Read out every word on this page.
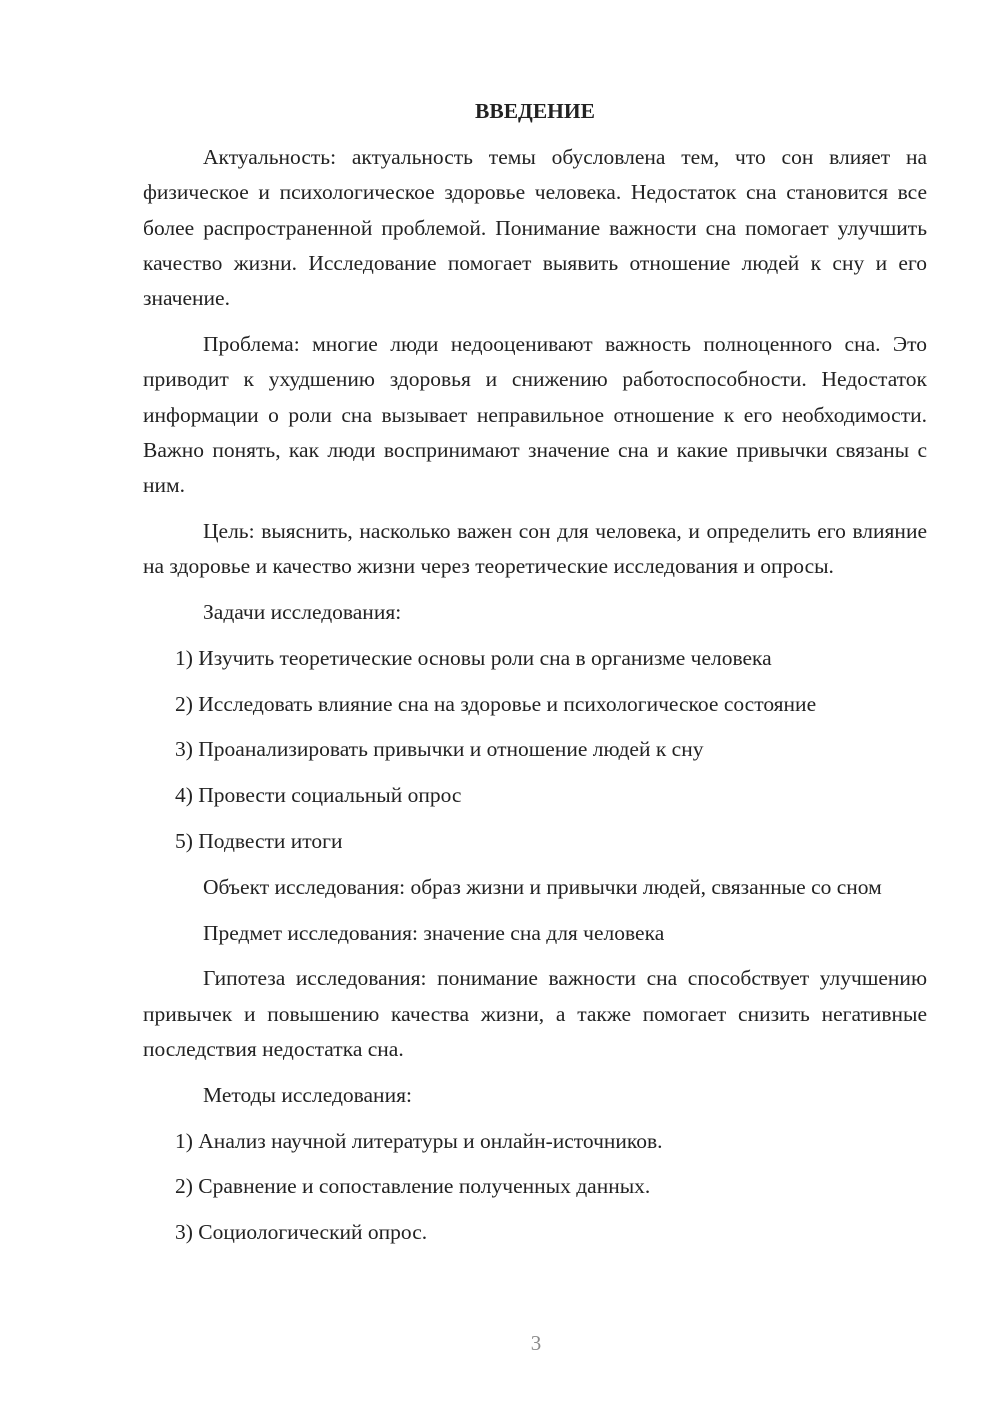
ВВЕДЕНИЕ

Актуальность: актуальность темы обусловлена тем, что сон влияет на физическое и психологическое здоровье человека. Недостаток сна становится все более распространенной проблемой. Понимание важности сна помогает улучшить качество жизни. Исследование помогает выявить отношение людей к сну и его значение.

Проблема: многие люди недооценивают важность полноценного сна. Это приводит к ухудшению здоровья и снижению работоспособности. Недостаток информации о роли сна вызывает неправильное отношение к его необходимости. Важно понять, как люди воспринимают значение сна и какие привычки связаны с ним.

Цель: выяснить, насколько важен сон для человека, и определить его влияние на здоровье и качество жизни через теоретические исследования и опросы.

Задачи исследования:

1) Изучить теоретические основы роли сна в организме человека
2) Исследовать влияние сна на здоровье и психологическое состояние
3) Проанализировать привычки и отношение людей к сну
4) Провести социальный опрос
5) Подвести итоги

Объект исследования: образ жизни и привычки людей, связанные со сном

Предмет исследования: значение сна для человека

Гипотеза исследования: понимание важности сна способствует улучшению привычек и повышению качества жизни, а также помогает снизить негативные последствия недостатка сна.

Методы исследования:

1) Анализ научной литературы и онлайн-источников.
2) Сравнение и сопоставление полученных данных.
3) Социологический опрос.
3
